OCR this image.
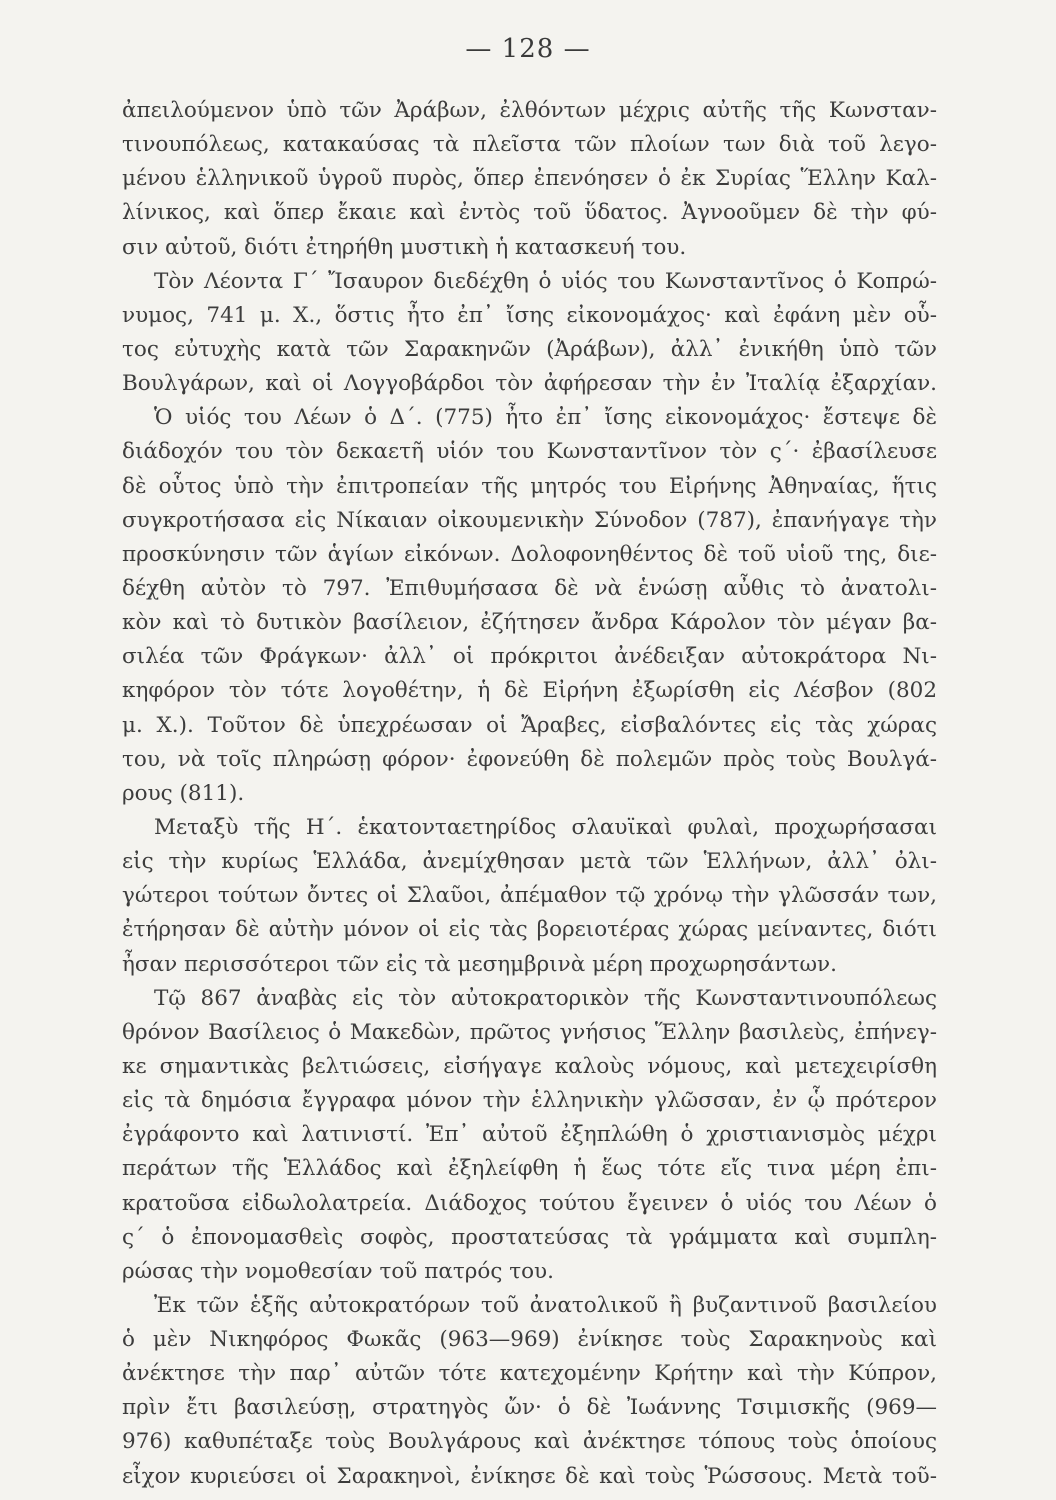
— 128 —
ἀπειλούμενον ὑπὸ τῶν Ἀράβων, ἐλθόντων μέχρις αὐτῆς τῆς Κωνσταν-
τινουπόλεως, κατακαύσας τὰ πλεῖστα τῶν πλοίων των διὰ τοῦ λεγο-
μένου ἑλληνικοῦ ὑγροῦ πυρὸς, ὅπερ ἐπενόησεν ὁ ἐκ Συρίας Ἕλλην Καλ-
λίνικος, καὶ ὅπερ ἔκαιε καὶ ἐντὸς τοῦ ὕδατος. Ἀγνοοῦμεν δὲ τὴν φύ-
σιν αὐτοῦ, διότι ἐτηρήθη μυστικὴ ἡ κατασκευή του.
Τὸν Λέοντα Γ΄ Ἴσαυρον διεδέχθη ὁ υἱός του Κωνσταντῖνος ὁ Κοπρώ-
νυμος, 741 μ. Χ., ὅστις ἦτο ἐπ᾽ ἴσης εἰκονομάχος· καὶ ἐφάνη μὲν οὗ-
τος εὐτυχὴς κατὰ τῶν Σαρακηνῶν (Ἀράβων), ἀλλ᾽ ἐνικήθη ὑπὸ τῶν
Βουλγάρων, καὶ οἱ Λογγοβάρδοι τὸν ἀφήρεσαν τὴν ἐν Ἰταλίᾳ ἐξαρχίαν.
Ὁ υἱός του Λέων ὁ Δ΄. (775) ἦτο ἐπ᾽ ἴσης εἰκονομάχος· ἔστεψε δὲ
διάδοχόν του τὸν δεκαετῆ υἱόν του Κωνσταντῖνον τὸν ς΄· ἐβασίλευσε
δὲ οὗτος ὑπὸ τὴν ἐπιτροπείαν τῆς μητρός του Εἰρήνης Ἀθηναίας, ἥτις
συγκροτήσασα εἰς Νίκαιαν οἰκουμενικὴν Σύνοδον (787), ἐπανήγαγε τὴν
προσκύνησιν τῶν ἁγίων εἰκόνων. Δολοφονηθέντος δὲ τοῦ υἱοῦ της, διε-
δέχθη αὐτὸν τὸ 797. Ἐπιθυμήσασα δὲ νὰ ἑνώσῃ αὖθις τὸ ἀνατολι-
κὸν καὶ τὸ δυτικὸν βασίλειον, ἐζήτησεν ἄνδρα Κάρολον τὸν μέγαν βα-
σιλέα τῶν Φράγκων· ἀλλ᾽ οἱ πρόκριτοι ἀνέδειξαν αὐτοκράτορα Νι-
κηφόρον τὸν τότε λογοθέτην, ἡ δὲ Εἰρήνη ἐξωρίσθη εἰς Λέσβον (802
μ. Χ.). Τοῦτον δὲ ὑπεχρέωσαν οἱ Ἄραβες, εἰσβαλόντες εἰς τὰς χώρας
του, νὰ τοῖς πληρώσῃ φόρον· ἐφονεύθη δὲ πολεμῶν πρὸς τοὺς Βουλγά-
ρους (811).
Μεταξὺ τῆς Η΄. ἑκατονταετηρίδος σλαυϊκαὶ φυλαὶ, προχωρήσασαι
εἰς τὴν κυρίως Ἑλλάδα, ἀνεμίχθησαν μετὰ τῶν Ἑλλήνων, ἀλλ᾽ ὀλι-
γώτεροι τούτων ὄντες οἱ Σλαῦοι, ἀπέμαθον τῷ χρόνῳ τὴν γλῶσσάν των,
ἐτήρησαν δὲ αὐτὴν μόνον οἱ εἰς τὰς βορειοτέρας χώρας μείναντες, διότι
ἦσαν περισσότεροι τῶν εἰς τὰ μεσημβρινὰ μέρη προχωρησάντων.
Τῷ 867 ἀναβὰς εἰς τὸν αὐτοκρατορικὸν τῆς Κωνσταντινουπόλεως
θρόνον Βασίλειος ὁ Μακεδὼν, πρῶτος γνήσιος Ἕλλην βασιλεὺς, ἐπήνεγ-
κε σημαντικὰς βελτιώσεις, εἰσήγαγε καλοὺς νόμους, καὶ μετεχειρίσθη
εἰς τὰ δημόσια ἔγγραφα μόνον τὴν ἑλληνικὴν γλῶσσαν, ἐν ᾧ πρότερον
ἐγράφοντο καὶ λατινιστί. Ἐπ᾽ αὐτοῦ ἐξηπλώθη ὁ χριστιανισμὸς μέχρι
περάτων τῆς Ἑλλάδος καὶ ἐξηλείφθη ἡ ἕως τότε εἴς τινα μέρη ἐπι-
κρατοῦσα εἰδωλολατρεία. Διάδοχος τούτου ἔγεινεν ὁ υἱός του Λέων ὁ
ς΄ ὁ ἐπονομασθεὶς σοφὸς, προστατεύσας τὰ γράμματα καὶ συμπλη-
ρώσας τὴν νομοθεσίαν τοῦ πατρός του.
Ἐκ τῶν ἑξῆς αὐτοκρατόρων τοῦ ἀνατολικοῦ ἢ βυζαντινοῦ βασιλείου
ὁ μὲν Νικηφόρος Φωκᾶς (963—969) ἐνίκησε τοὺς Σαρακηνοὺς καὶ
ἀνέκτησε τὴν παρ᾽ αὐτῶν τότε κατεχομένην Κρήτην καὶ τὴν Κύπρον,
πρὶν ἔτι βασιλεύσῃ, στρατηγὸς ὤν· ὁ δὲ Ἰωάννης Τσιμισκῆς (969—
976) καθυπέταξε τοὺς Βουλγάρους καὶ ἀνέκτησε τόπους τοὺς ὁποίους
εἶχον κυριεύσει οἱ Σαρακηνοὶ, ἐνίκησε δὲ καὶ τοὺς Ῥώσσους. Μετὰ τοῦ-
